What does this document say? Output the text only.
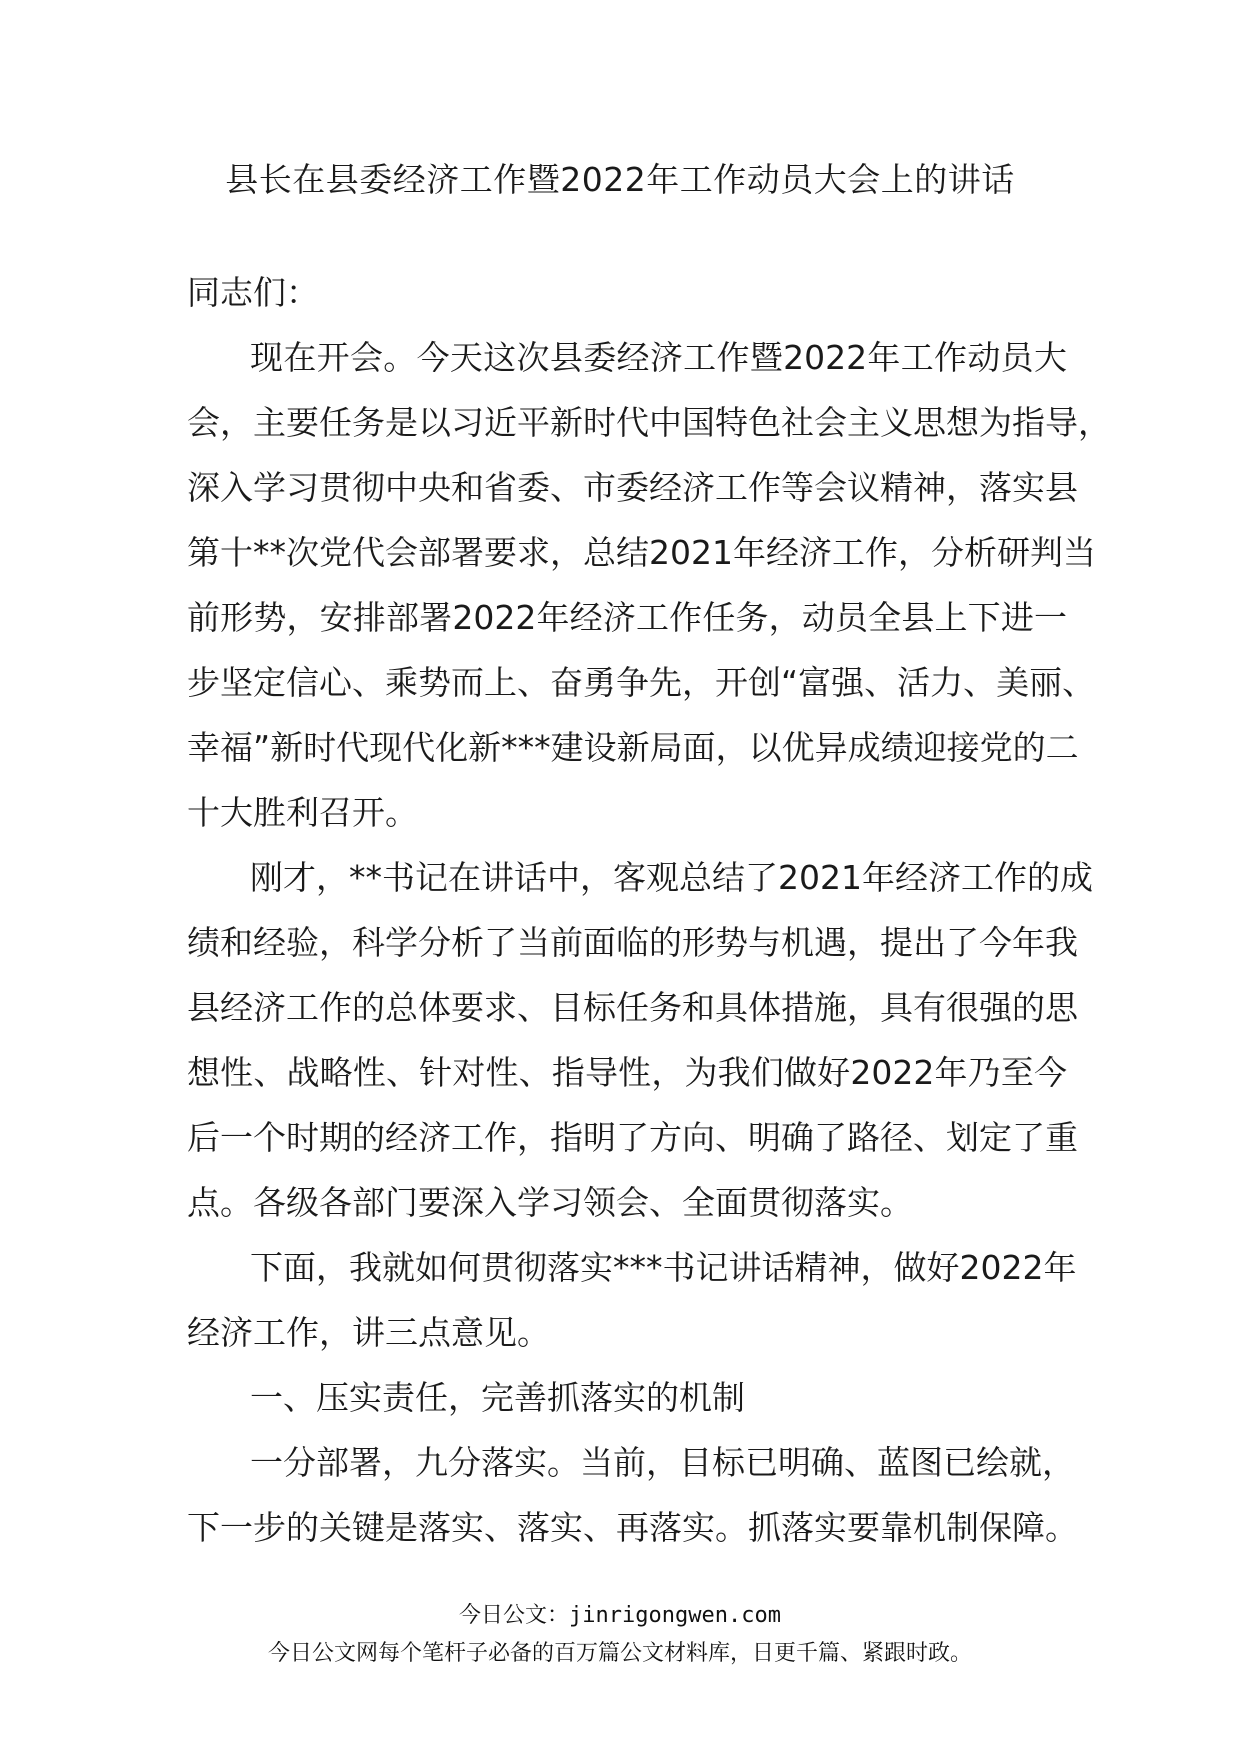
县长在县委经济工作暨2022年工作动员大会上的讲话
同志们：
现在开会。今天这次县委经济工作暨2022年工作动员大
会，主要任务是以习近平新时代中国特色社会主义思想为指导，
深入学习贯彻中央和省委、市委经济工作等会议精神，落实县
第十**次党代会部署要求，总结2021年经济工作，分析研判当
前形势，安排部署2022年经济工作任务，动员全县上下进一
步坚定信心、乘势而上、奋勇争先，开创“富强、活力、美丽、
幸福”新时代现代化新***建设新局面，以优异成绩迎接党的二
十大胜利召开。
刚才，**书记在讲话中，客观总结了2021年经济工作的成
绩和经验，科学分析了当前面临的形势与机遇，提出了今年我
县经济工作的总体要求、目标任务和具体措施，具有很强的思
想性、战略性、针对性、指导性，为我们做好2022年乃至今
后一个时期的经济工作，指明了方向、明确了路径、划定了重
点。各级各部门要深入学习领会、全面贯彻落实。
下面，我就如何贯彻落实***书记讲话精神，做好2022年
经济工作，讲三点意见。
一、压实责任，完善抓落实的机制
一分部署，九分落实。当前，目标已明确、蓝图已绘就，
下一步的关键是落实、落实、再落实。抓落实要靠机制保障。
今日公文：jinrigongwen.com
今日公文网每个笔杆子必备的百万篇公文材料库，日更千篇、紧跟时政。
